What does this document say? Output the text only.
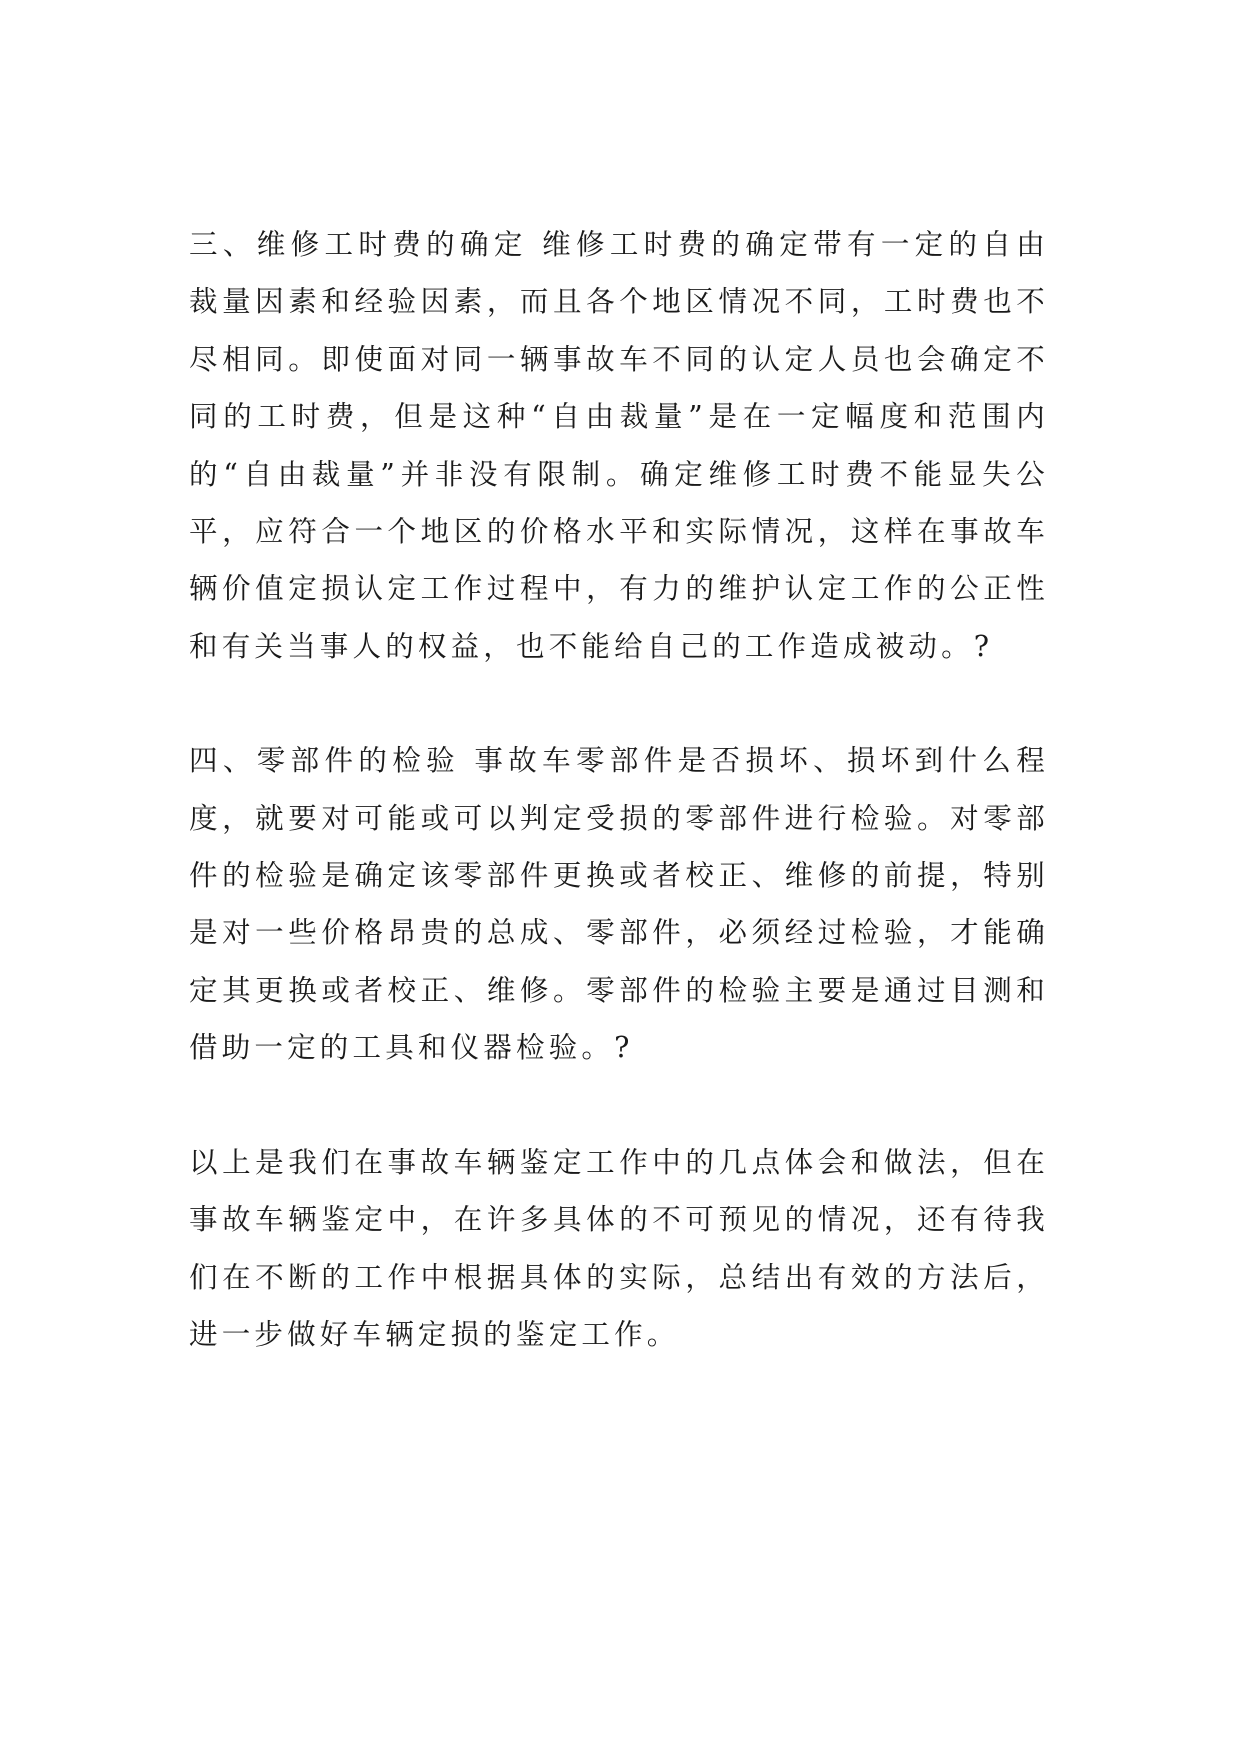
三、维修工时费的确定 维修工时费的确定带有一定的自由裁量因素和经验因素，而且各个地区情况不同，工时费也不尽相同。即使面对同一辆事故车不同的认定人员也会确定不同的工时费，但是这种“自由裁量”是在一定幅度和范围内的“自由裁量”并非没有限制。确定维修工时费不能显失公平，应符合一个地区的价格水平和实际情况，这样在事故车辆价值定损认定工作过程中，有力的维护认定工作的公正性和有关当事人的权益，也不能给自己的工作造成被动。?

四、零部件的检验 事故车零部件是否损坏、损坏到什么程度，就要对可能或可以判定受损的零部件进行检验。对零部件的检验是确定该零部件更换或者校正、维修的前提，特别是对一些价格昂贵的总成、零部件，必须经过检验，才能确定其更换或者校正、维修。零部件的检验主要是通过目测和借助一定的工具和仪器检验。?

以上是我们在事故车辆鉴定工作中的几点体会和做法，但在事故车辆鉴定中，在许多具体的不可预见的情况，还有待我们在不断的工作中根据具体的实际，总结出有效的方法后，进一步做好车辆定损的鉴定工作。
